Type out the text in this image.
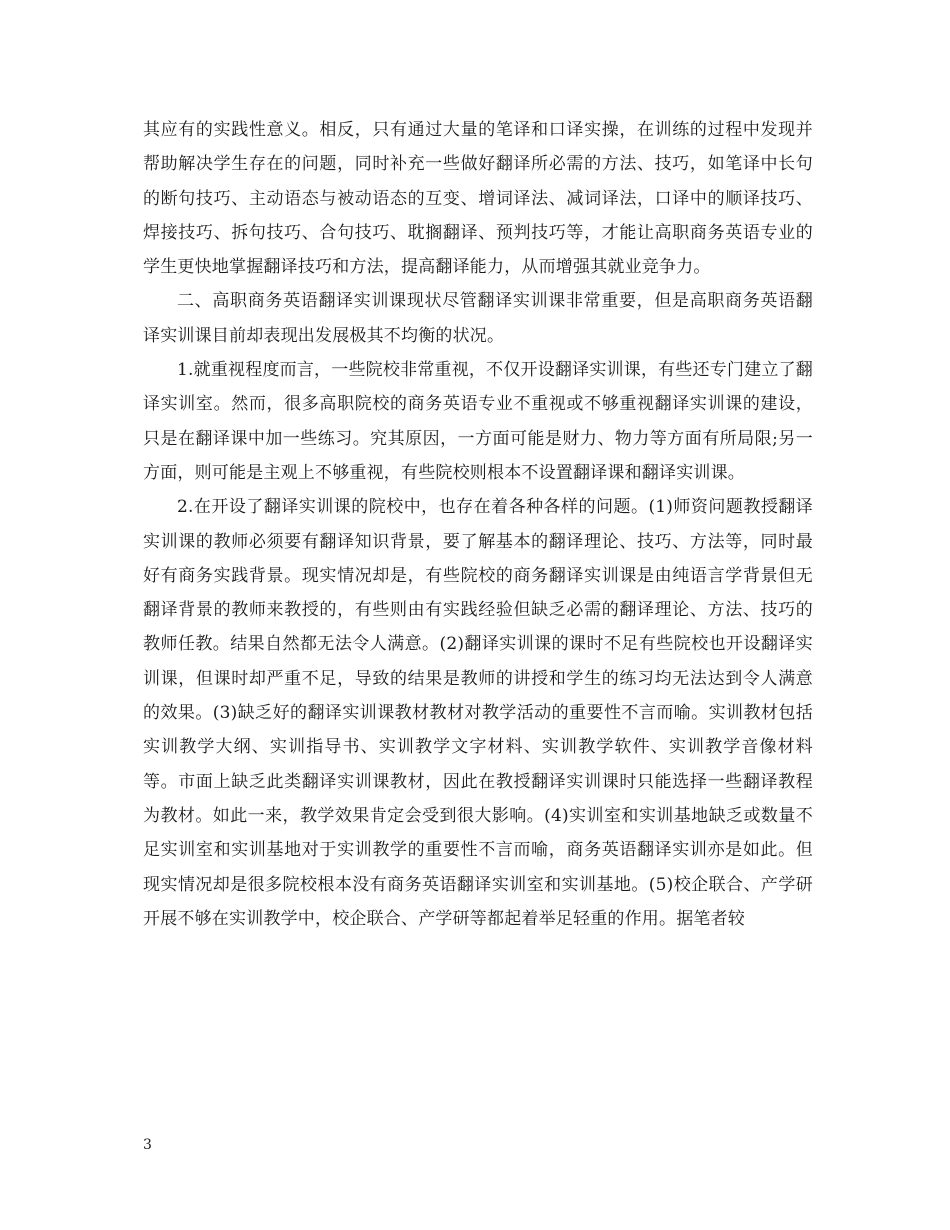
其应有的实践性意义。相反，只有通过大量的笔译和口译实操，在训练的过程中发现并帮助解决学生存在的问题，同时补充一些做好翻译所必需的方法、技巧，如笔译中长句的断句技巧、主动语态与被动语态的互变、增词译法、减词译法，口译中的顺译技巧、焊接技巧、拆句技巧、合句技巧、耽搁翻译、预判技巧等，才能让高职商务英语专业的学生更快地掌握翻译技巧和方法，提高翻译能力，从而增强其就业竞争力。

二、高职商务英语翻译实训课现状尽管翻译实训课非常重要，但是高职商务英语翻译实训课目前却表现出发展极其不均衡的状况。

1.就重视程度而言，一些院校非常重视，不仅开设翻译实训课，有些还专门建立了翻译实训室。然而，很多高职院校的商务英语专业不重视或不够重视翻译实训课的建设，只是在翻译课中加一些练习。究其原因，一方面可能是财力、物力等方面有所局限;另一方面，则可能是主观上不够重视，有些院校则根本不设置翻译课和翻译实训课。

2.在开设了翻译实训课的院校中，也存在着各种各样的问题。(1)师资问题教授翻译实训课的教师必须要有翻译知识背景，要了解基本的翻译理论、技巧、方法等，同时最好有商务实践背景。现实情况却是，有些院校的商务翻译实训课是由纯语言学背景但无翻译背景的教师来教授的，有些则由有实践经验但缺乏必需的翻译理论、方法、技巧的教师任教。结果自然都无法令人满意。(2)翻译实训课的课时不足有些院校也开设翻译实训课，但课时却严重不足，导致的结果是教师的讲授和学生的练习均无法达到令人满意的效果。(3)缺乏好的翻译实训课教材教材对教学活动的重要性不言而喻。实训教材包括实训教学大纲、实训指导书、实训教学文字材料、实训教学软件、实训教学音像材料等。市面上缺乏此类翻译实训课教材，因此在教授翻译实训课时只能选择一些翻译教程为教材。如此一来，教学效果肯定会受到很大影响。(4)实训室和实训基地缺乏或数量不足实训室和实训基地对于实训教学的重要性不言而喻，商务英语翻译实训亦是如此。但现实情况却是很多院校根本没有商务英语翻译实训室和实训基地。(5)校企联合、产学研开展不够在实训教学中，校企联合、产学研等都起着举足轻重的作用。据笔者较

3
